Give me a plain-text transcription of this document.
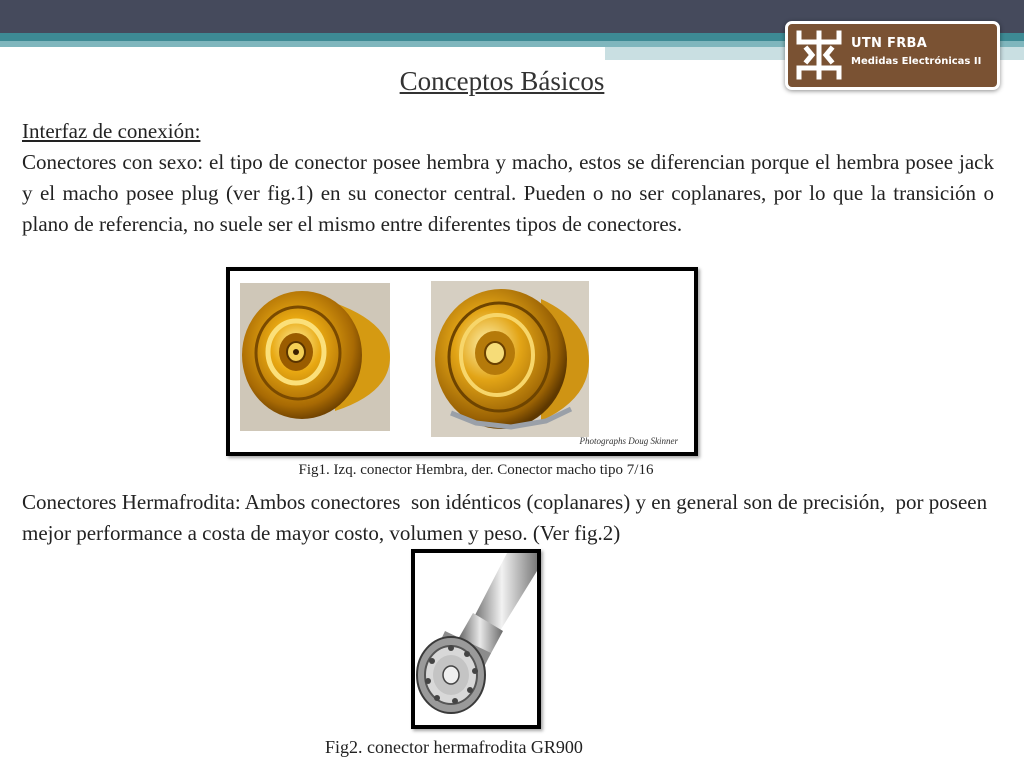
UTN FRBA
Medidas Electrónicas II
Conceptos Básicos
Interfaz de conexión:
Conectores con sexo: el tipo de conector posee hembra y macho, estos se diferencian porque el hembra posee jack y el macho posee plug (ver fig.1) en su conector central. Pueden o no ser coplanares, por lo que la transición o plano de referencia, no suele ser el mismo entre diferentes tipos de conectores.
Photographs Doug Skinner
Fig1. Izq. conector Hembra, der. Conector macho tipo 7/16
Conectores Hermafrodita: Ambos conectores  son idénticos (coplanares) y en general son de precisión,  por poseen mejor performance a costa de mayor costo, volumen y peso. (Ver fig.2)
Fig2. conector hermafrodita GR900
